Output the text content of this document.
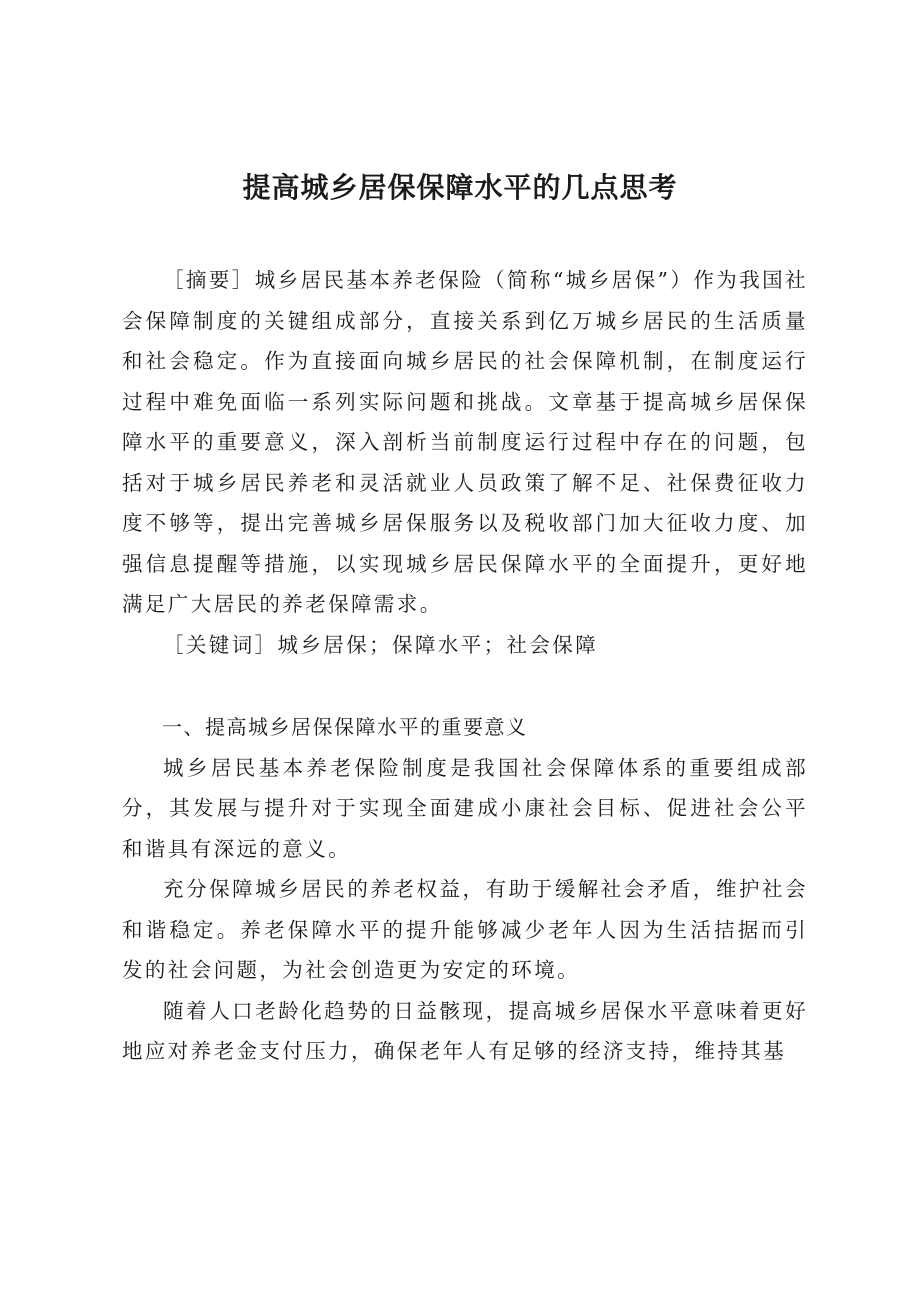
提高城乡居保保障水平的几点思考

［摘要］城乡居民基本养老保险（简称“城乡居保”）作为我国社会保障制度的关键组成部分，直接关系到亿万城乡居民的生活质量和社会稳定。作为直接面向城乡居民的社会保障机制，在制度运行过程中难免面临一系列实际问题和挑战。文章基于提高城乡居保保障水平的重要意义，深入剖析当前制度运行过程中存在的问题，包括对于城乡居民养老和灵活就业人员政策了解不足、社保费征收力度不够等，提出完善城乡居保服务以及税收部门加大征收力度、加强信息提醒等措施，以实现城乡居民保障水平的全面提升，更好地满足广大居民的养老保障需求。

［关键词］城乡居保；保障水平；社会保障

一、提高城乡居保保障水平的重要意义

城乡居民基本养老保险制度是我国社会保障体系的重要组成部分，其发展与提升对于实现全面建成小康社会目标、促进社会公平和谐具有深远的意义。

充分保障城乡居民的养老权益，有助于缓解社会矛盾，维护社会和谐稳定。养老保障水平的提升能够减少老年人因为生活拮据而引发的社会问题，为社会创造更为安定的环境。

随着人口老龄化趋势的日益骸现，提高城乡居保水平意味着更好地应对养老金支付压力，确保老年人有足够的经济支持，维持其基
